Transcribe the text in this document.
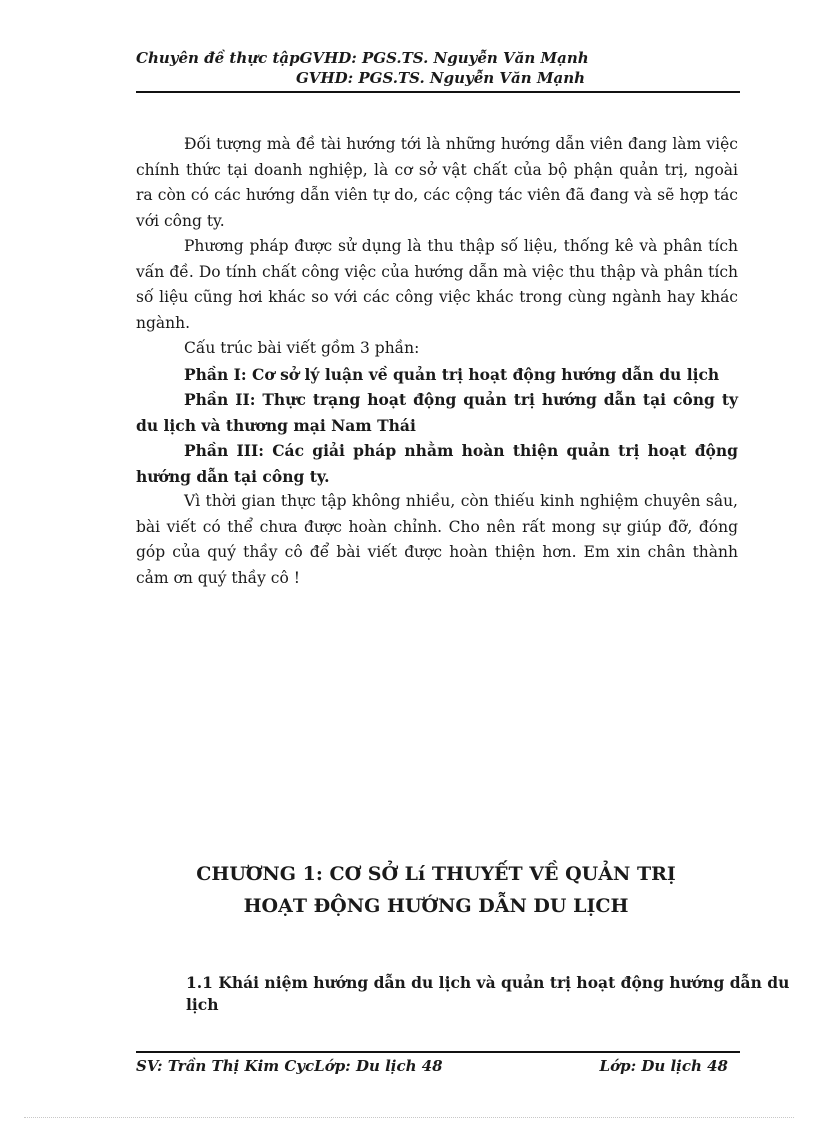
Chuyên đề thực tậpGVHD: PGS.TS. Nguyễn Văn Mạnh
GVHD: PGS.TS. Nguyễn Văn Mạnh

Đối tượng mà đề tài hướng tới là những hướng dẫn viên đang làm việc chính thức tại doanh nghiệp, là cơ sở vật chất của bộ phận quản trị, ngoài ra còn có các hướng dẫn viên tự do, các cộng tác viên đã đang và sẽ hợp tác với công ty.

Phương pháp được sử dụng là thu thập số liệu, thống kê và phân tích vấn đề. Do tính chất công việc của hướng dẫn mà việc thu thập và phân tích số liệu cũng hơi khác so với các công việc khác trong cùng ngành hay khác ngành.

Cấu trúc bài viết gồm 3 phần:

Phần I: Cơ sở lý luận về quản trị hoạt động hướng dẫn du lịch

Phần II: Thực trạng hoạt động quản trị hướng dẫn tại công ty du lịch và thương mại Nam Thái

Phần III: Các giải pháp nhằm hoàn thiện quản trị hoạt động hướng dẫn tại công ty.

Vì thời gian thực tập không nhiều, còn thiếu kinh nghiệm chuyên sâu, bài viết có thể chưa được hoàn chỉnh. Cho nên rất mong sự giúp đỡ, đóng góp của quý thầy cô để bài viết được hoàn thiện hơn. Em xin chân thành cảm ơn quý thầy cô !

CHƯƠNG 1: CƠ SỞ Lí THUYẾT VỀ QUẢN TRỊ
HOẠT ĐỘNG HƯỚNG DẪN DU LỊCH
1.1 Khái niệm hướng dẫn du lịch và quản trị hoạt động hướng dẫn du lịch
SV: Trần Thị Kim CycLớp: Du lịch 48	Lớp: Du lịch 48
